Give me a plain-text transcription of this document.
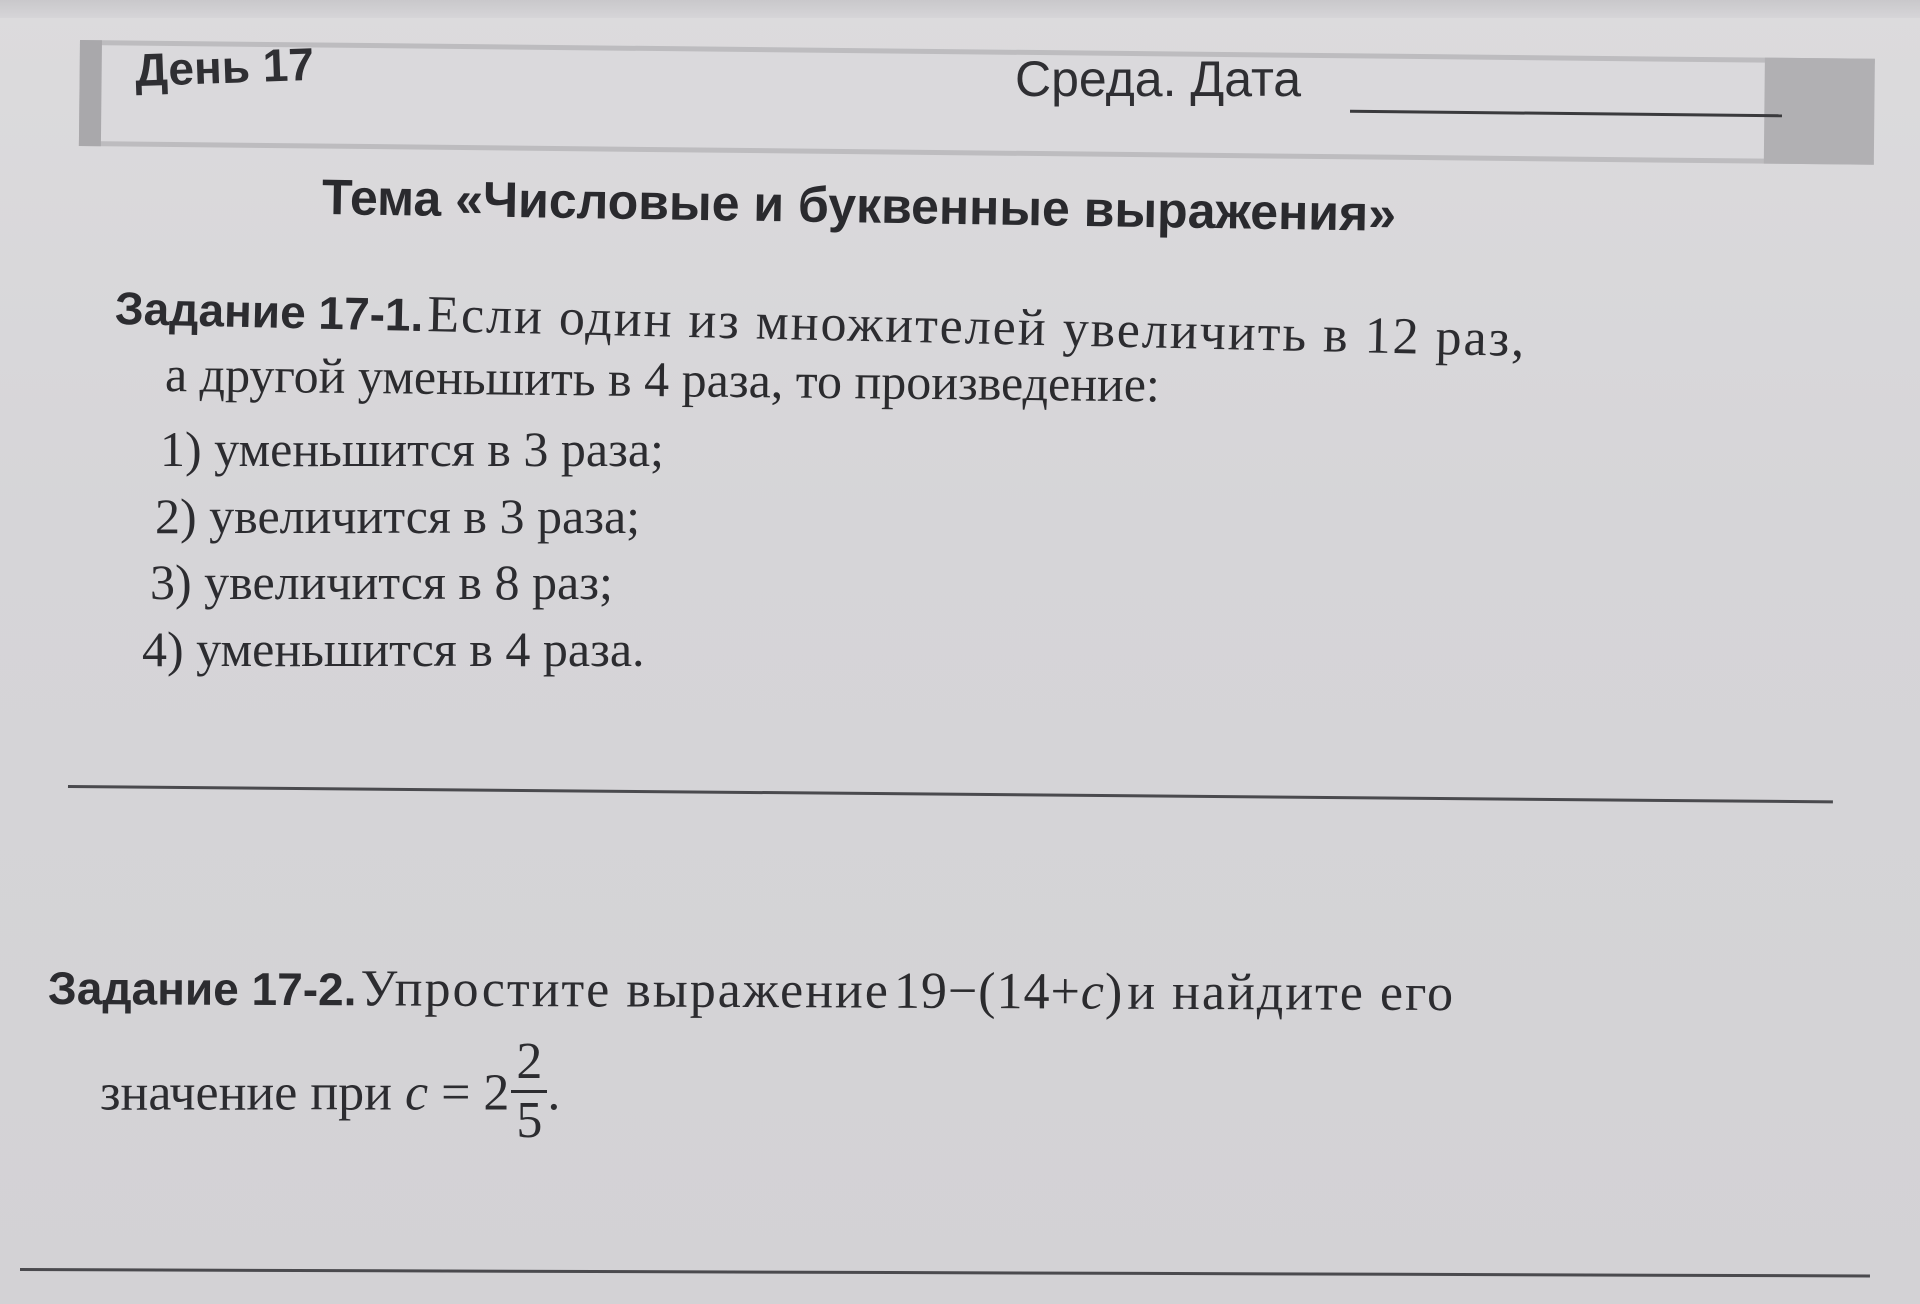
День 17	Среда. Дата
Тема «Числовые и буквенные выражения»
Задание 17-1. Если один из множителей увеличить в 12 раз,
а другой уменьшить в 4 раза, то произведение:
1) уменьшится в 3 раза;
2) увеличится в 3 раза;
3) увеличится в 8 раз;
4) уменьшится в 4 раза.
Задание 17-2. Упростите выражение 19−(14+c) и найдите его
значение при $c = 2 \frac{2}{5}$ .
